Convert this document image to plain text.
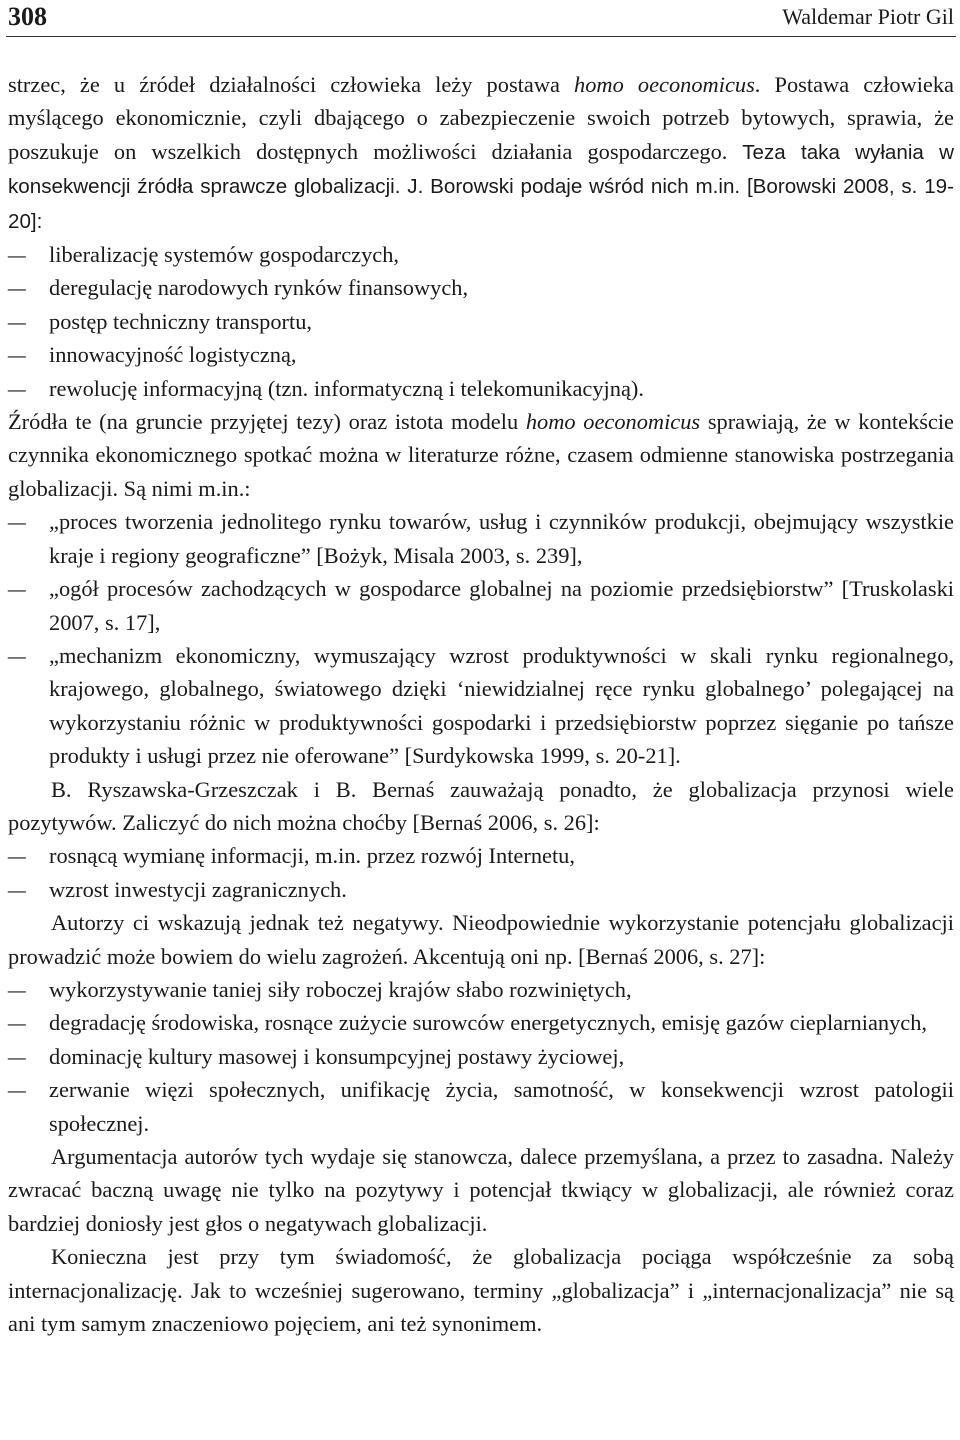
308	Waldemar Piotr Gil

strzec, że u źródeł działalności człowieka leży postawa homo oeconomicus. Postawa człowieka myślącego ekonomicznie, czyli dbającego o zabezpieczenie swoich potrzeb bytowych, sprawia, że poszukuje on wszelkich dostępnych możliwości działania gospodarczego. Teza taka wyłania w konsekwencji źródła sprawcze globalizacji. J. Borowski podaje wśród nich m.in. [Borowski 2008, s. 19-20]:

– liberalizację systemów gospodarczych,
– deregulację narodowych rynków finansowych,
– postęp techniczny transportu,
– innowacyjność logistyczną,
– rewolucję informacyjną (tzn. informatyczną i telekomunikacyjną).

Źródła te (na gruncie przyjętej tezy) oraz istota modelu homo oeconomicus sprawiają, że w kontekście czynnika ekonomicznego spotkać można w literaturze różne, czasem odmienne stanowiska postrzegania globalizacji. Są nimi m.in.:

– „proces tworzenia jednolitego rynku towarów, usług i czynników produkcji, obejmujący wszystkie kraje i regiony geograficzne” [Bożyk, Misala 2003, s. 239],
– „ogół procesów zachodzących w gospodarce globalnej na poziomie przedsiębiorstw” [Truskolaski 2007, s. 17],
– „mechanizm ekonomiczny, wymuszający wzrost produktywności w skali rynku regionalnego, krajowego, globalnego, światowego dzięki ‘niewidzialnej ręce rynku globalnego’ polegającej na wykorzystaniu różnic w produktywności gospodarki i przedsiębiorstw poprzez sięganie po tańsze produkty i usługi przez nie oferowane” [Surdykowska 1999, s. 20-21].

B. Ryszawska-Grzeszczak i B. Bernaś zauważają ponadto, że globalizacja przynosi wiele pozytywów. Zaliczyć do nich można choćby [Bernaś 2006, s. 26]:

– rosnącą wymianę informacji, m.in. przez rozwój Internetu,
– wzrost inwestycji zagranicznych.

Autorzy ci wskazują jednak też negatywy. Nieodpowiednie wykorzystanie potencjału globalizacji prowadzić może bowiem do wielu zagrożeń. Akcentują oni np. [Bernaś 2006, s. 27]:

– wykorzystywanie taniej siły roboczej krajów słabo rozwiniętych,
– degradację środowiska, rosnące zużycie surowców energetycznych, emisję gazów cieplarnianych,
– dominację kultury masowej i konsumpcyjnej postawy życiowej,
– zerwanie więzi społecznych, unifikację życia, samotność, w konsekwencji wzrost patologii społecznej.

Argumentacja autorów tych wydaje się stanowcza, dalece przemyślana, a przez to zasadna. Należy zwracać baczną uwagę nie tylko na pozytywy i potencjał tkwiący w globalizacji, ale również coraz bardziej doniosły jest głos o negatywach globalizacji.

Konieczna jest przy tym świadomość, że globalizacja pociąga współcześnie za sobą internacjonalizację. Jak to wcześniej sugerowano, terminy „globalizacja” i „internacjonalizacja” nie są ani tym samym znaczeniowo pojęciem, ani też synonimem.
